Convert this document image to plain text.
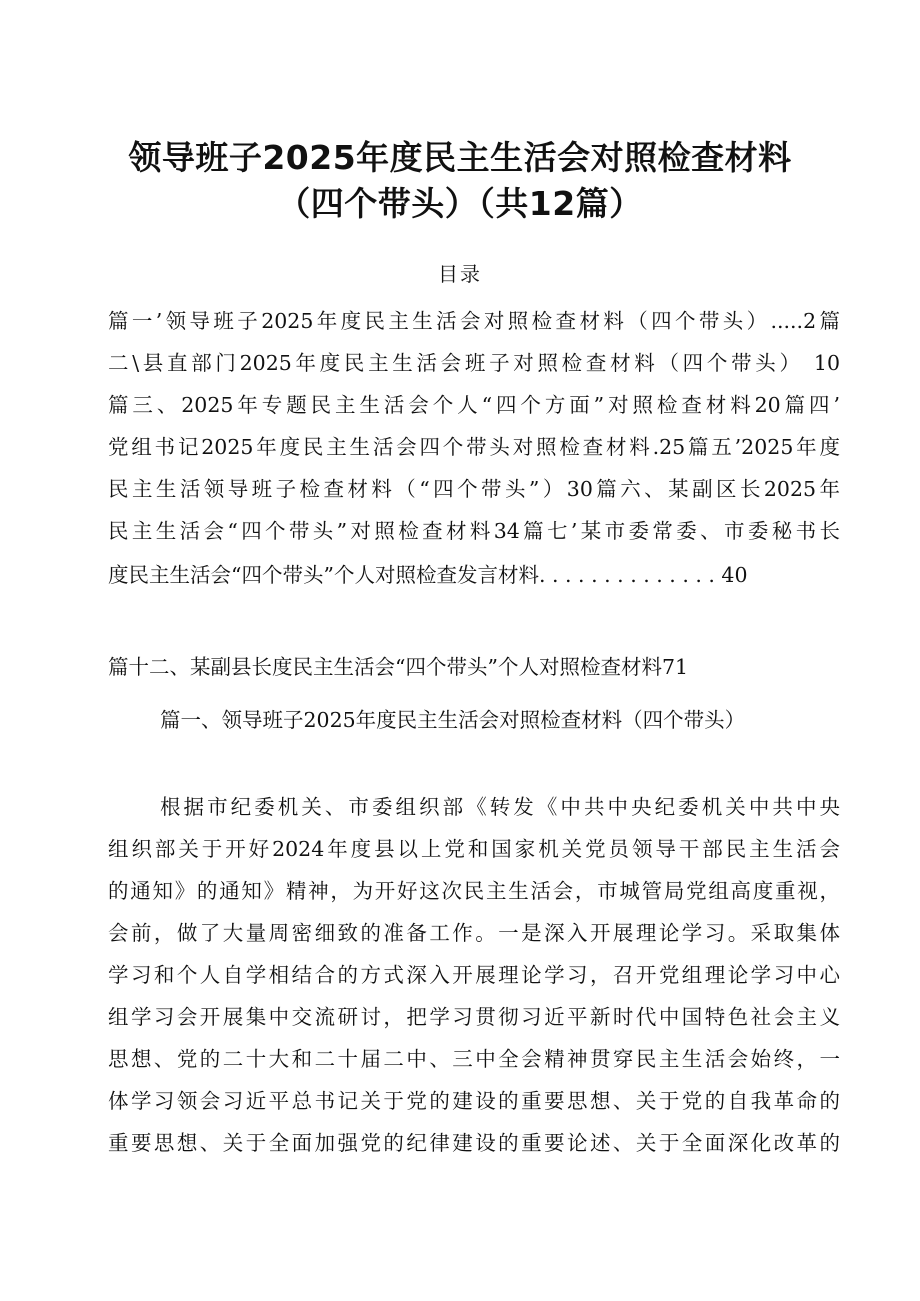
领导班子2025年度民主生活会对照检查材料
（四个带头）（共12篇）
目录
篇一’领导班子2025年度民主生活会对照检查材料（四个带头）.....2篇
二\县直部门2025年度民主生活会班子对照检查材料（四个带头） 10
篇三、2025年专题民主生活会个人“四个方面”对照检查材料20篇四’
党组书记2025年度民主生活会四个带头对照检查材料.25篇五’2025年度
民主生活领导班子检查材料（“四个带头”）30篇六、某副区长2025年
民主生活会“四个带头”对照检查材料34篇七’某市委常委、市委秘书长
度民主生活会“四个带头”个人对照检查发言材料. . . . . . . . . . . . . . 40
篇十二、某副县长度民主生活会“四个带头”个人对照检查材料71
篇一、领导班子2025年度民主生活会对照检查材料（四个带头）
根据市纪委机关、市委组织部《转发《中共中央纪委机关中共中央
组织部关于开好2024年度县以上党和国家机关党员领导干部民主生活会
的通知》的通知》精神，为开好这次民主生活会，市城管局党组高度重视，
会前，做了大量周密细致的准备工作。一是深入开展理论学习。采取集体
学习和个人自学相结合的方式深入开展理论学习，召开党组理论学习中心
组学习会开展集中交流研讨，把学习贯彻习近平新时代中国特色社会主义
思想、党的二十大和二十届二中、三中全会精神贯穿民主生活会始终，一
体学习领会习近平总书记关于党的建设的重要思想、关于党的自我革命的
重要思想、关于全面加强党的纪律建设的重要论述、关于全面深化改革的
